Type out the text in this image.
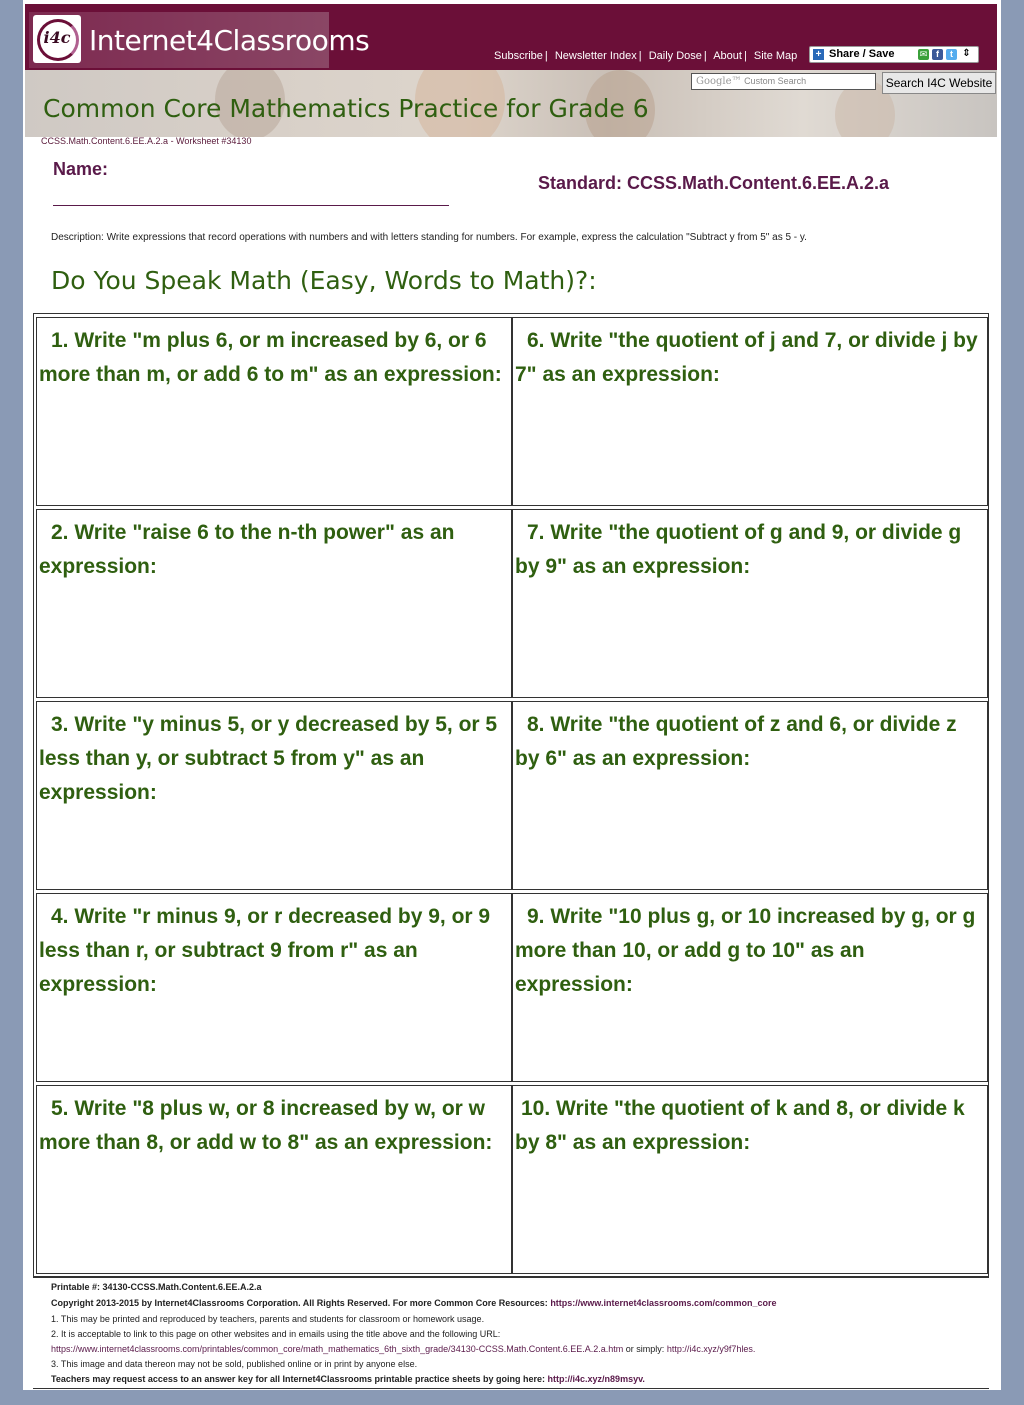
i4c Internet4Classrooms	Subscribe | Newsletter Index | Daily Dose | About | Site Map + Share / Save	✉ f	t ⇕
Google™ Custom Search	Search I4C Website
Common Core Mathematics Practice for Grade 6
CCSS.Math.Content.6.EE.A.2.a - Worksheet #34130
Name:
Standard: CCSS.Math.Content.6.EE.A.2.a
Description: Write expressions that record operations with numbers and with letters standing for numbers. For example, express the calculation "Subtract y from 5" as 5 - y.
Do You Speak Math (Easy, Words to Math)?:
1. Write "m plus 6, or m increased by 6, or 6 more than m, or add 6 to m" as an expression:
2. Write "raise 6 to the n-th power" as an expression:
3. Write "y minus 5, or y decreased by 5, or 5 less than y, or subtract 5 from y" as an expression:
4. Write "r minus 9, or r decreased by 9, or 9 less than r, or subtract 9 from r" as an expression:
5. Write "8 plus w, or 8 increased by w, or w more than 8, or add w to 8" as an expression:
6. Write "the quotient of j and 7, or divide j by 7" as an expression:
7. Write "the quotient of g and 9, or divide g by 9" as an expression:
8. Write "the quotient of z and 6, or divide z by 6" as an expression:
9. Write "10 plus g, or 10 increased by g, or g more than 10, or add g to 10" as an expression:
10. Write "the quotient of k and 8, or divide k by 8" as an expression:
Printable #: 34130-CCSS.Math.Content.6.EE.A.2.a
Copyright 2013-2015 by Internet4Classrooms Corporation. All Rights Reserved. For more Common Core Resources: https://www.internet4classrooms.com/common_core
1. This may be printed and reproduced by teachers, parents and students for classroom or homework usage.
2. It is acceptable to link to this page on other websites and in emails using the title above and the following URL:
https://www.internet4classrooms.com/printables/common_core/math_mathematics_6th_sixth_grade/34130-CCSS.Math.Content.6.EE.A.2.a.htm or simply: http://i4c.xyz/y9f7hles.
3. This image and data thereon may not be sold, published online or in print by anyone else.
Teachers may request access to an answer key for all Internet4Classrooms printable practice sheets by going here: http://i4c.xyz/n89msyv.
